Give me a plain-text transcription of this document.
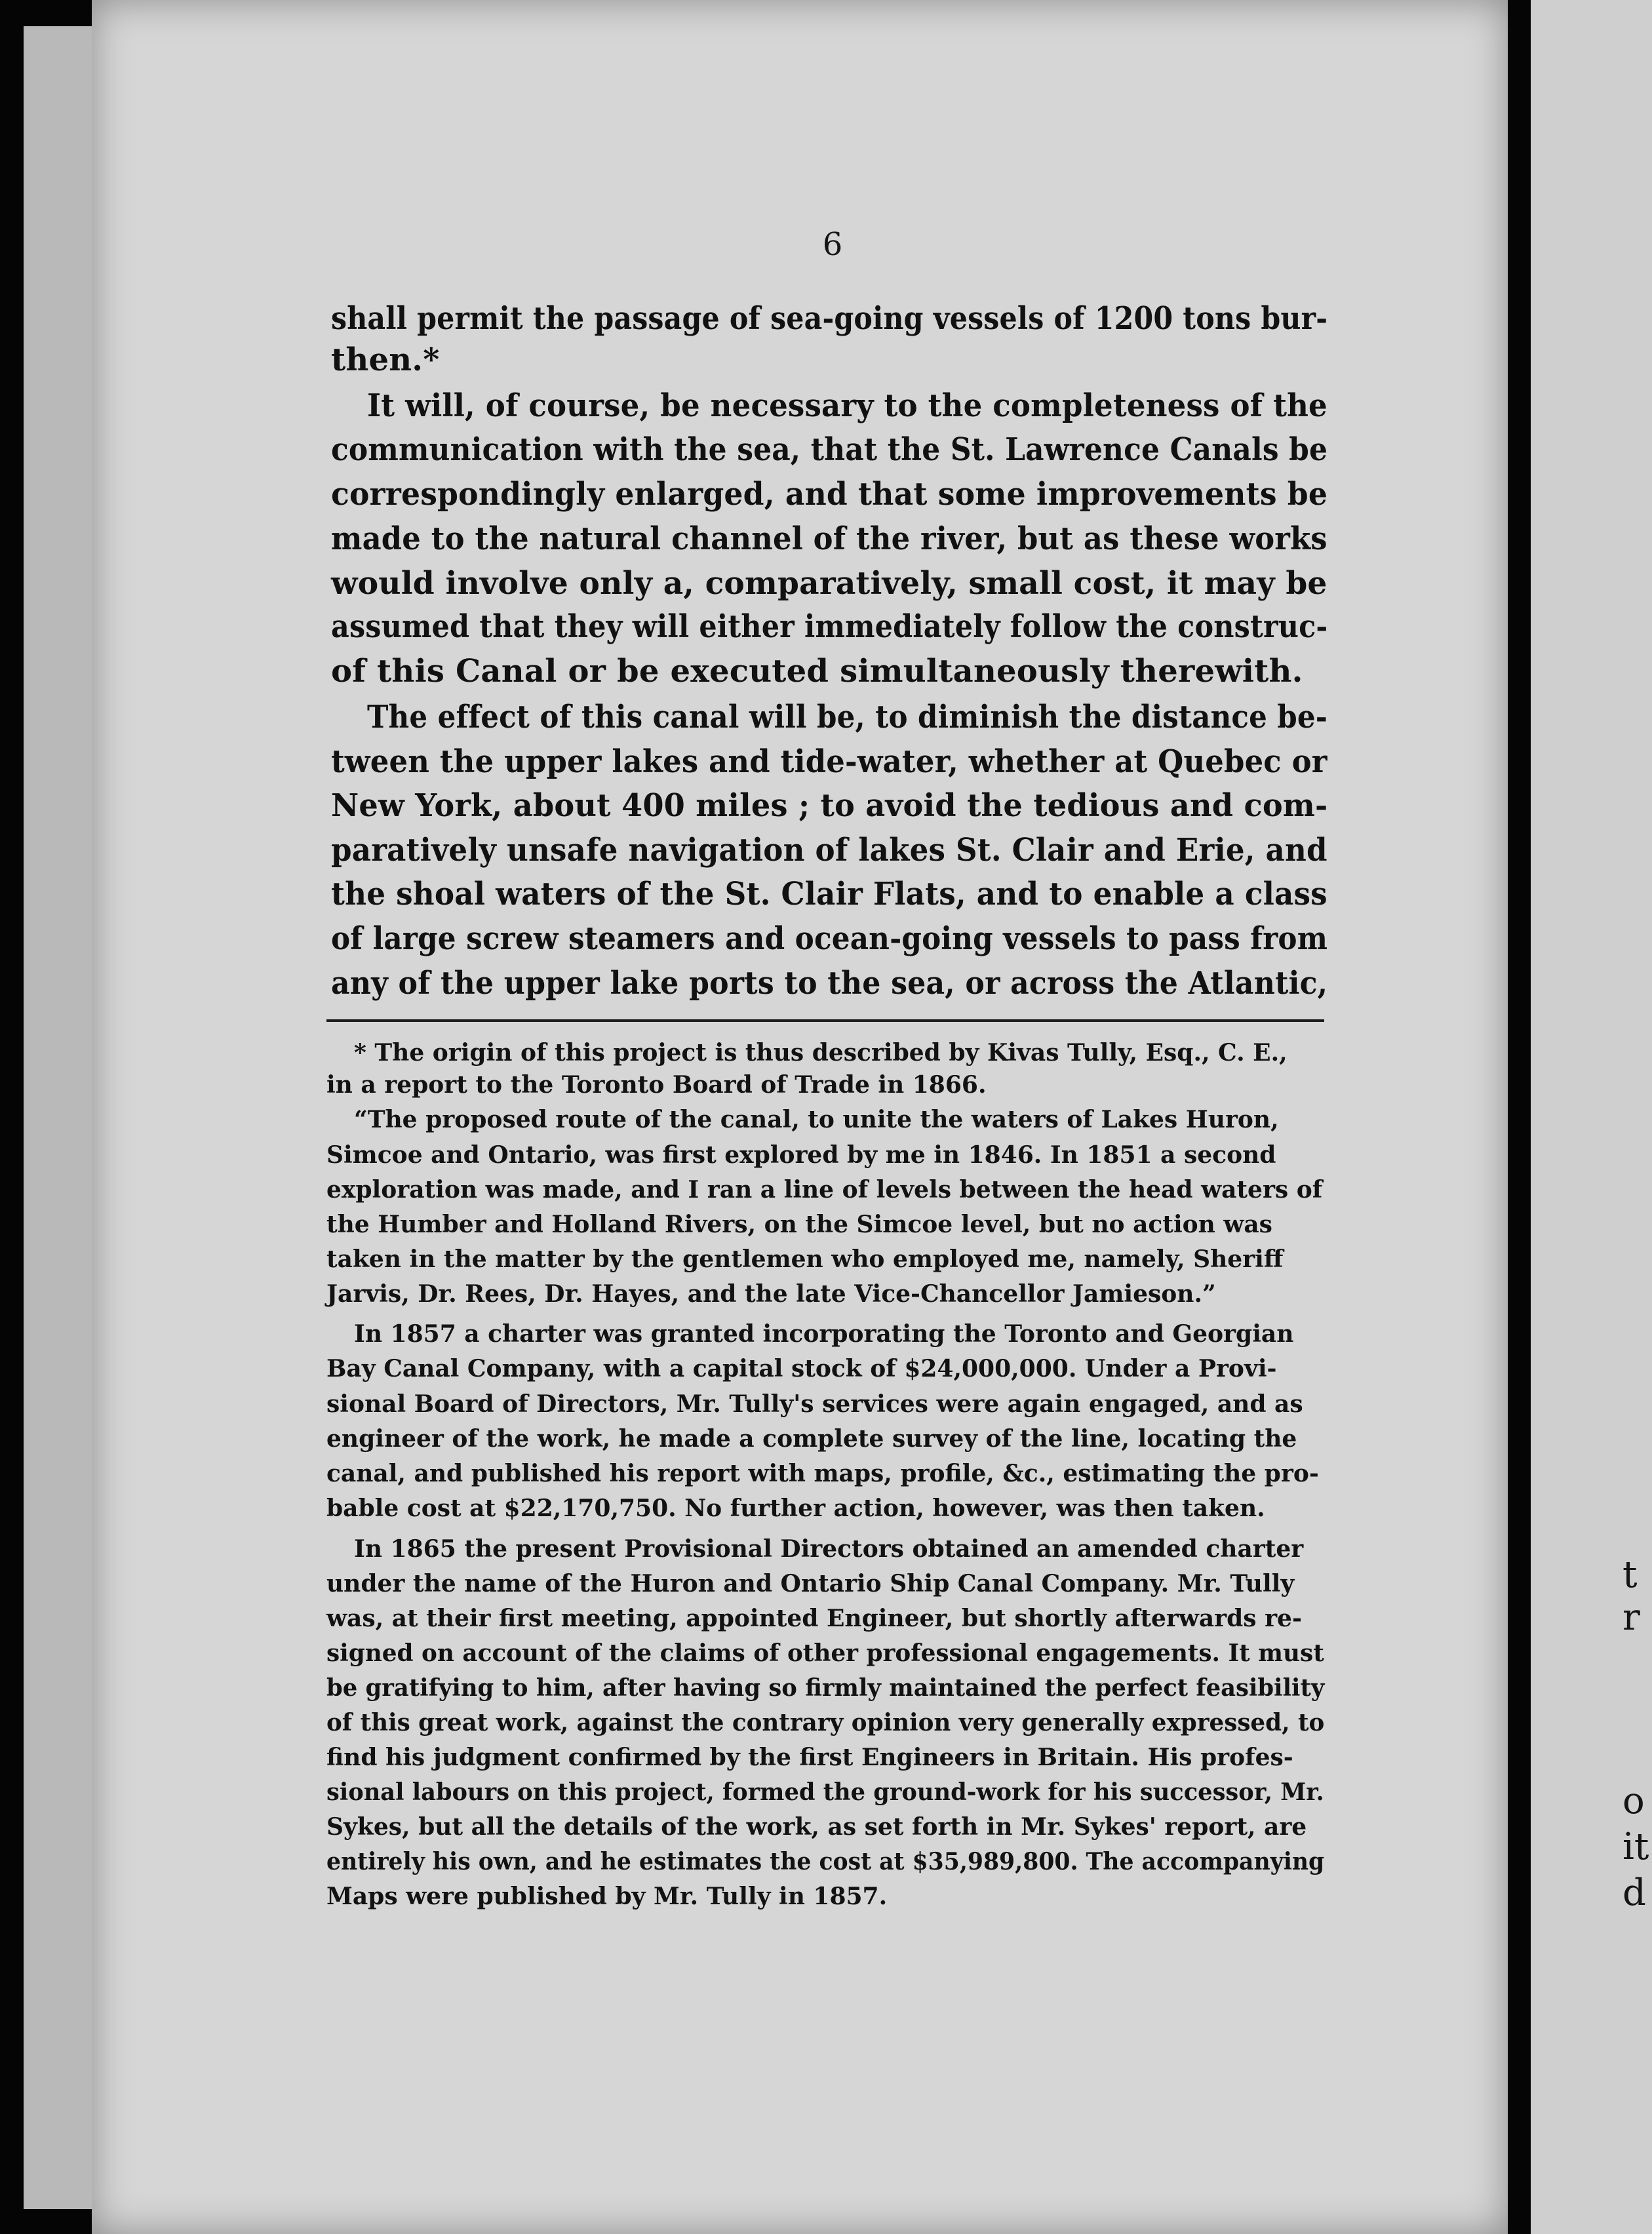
t
r
o
it
d
6
shall permit the passage of sea-going vessels of 1200 tons bur-
then.*
It will, of course, be necessary to the completeness of the
communication with the sea, that the St. Lawrence Canals be
correspondingly enlarged, and that some improvements be
made to the natural channel of the river, but as these works
would involve only a, comparatively, small cost, it may be
assumed that they will either immediately follow the construc-
of this Canal or be executed simultaneously therewith.
The effect of this canal will be, to diminish the distance be-
tween the upper lakes and tide-water, whether at Quebec or
New York, about 400 miles ; to avoid the tedious and com-
paratively unsafe navigation of lakes St. Clair and Erie, and
the shoal waters of the St. Clair Flats, and to enable a class
of large screw steamers and ocean-going vessels to pass from
any of the upper lake ports to the sea, or across the Atlantic,
* The origin of this project is thus described by Kivas Tully, Esq., C. E.,
in a report to the Toronto Board of Trade in 1866.
“The proposed route of the canal, to unite the waters of Lakes Huron,
Simcoe and Ontario, was first explored by me in 1846. In 1851 a second
exploration was made, and I ran a line of levels between the head waters of
the Humber and Holland Rivers, on the Simcoe level, but no action was
taken in the matter by the gentlemen who employed me, namely, Sheriff
Jarvis, Dr. Rees, Dr. Hayes, and the late Vice-Chancellor Jamieson.”
In 1857 a charter was granted incorporating the Toronto and Georgian
Bay Canal Company, with a capital stock of $24,000,000. Under a Provi-
sional Board of Directors, Mr. Tully's services were again engaged, and as
engineer of the work, he made a complete survey of the line, locating the
canal, and published his report with maps, profile, &c., estimating the pro-
bable cost at $22,170,750. No further action, however, was then taken.
In 1865 the present Provisional Directors obtained an amended charter
under the name of the Huron and Ontario Ship Canal Company. Mr. Tully
was, at their first meeting, appointed Engineer, but shortly afterwards re-
signed on account of the claims of other professional engagements. It must
be gratifying to him, after having so firmly maintained the perfect feasibility
of this great work, against the contrary opinion very generally expressed, to
find his judgment confirmed by the first Engineers in Britain. His profes-
sional labours on this project, formed the ground-work for his successor, Mr.
Sykes, but all the details of the work, as set forth in Mr. Sykes' report, are
entirely his own, and he estimates the cost at $35,989,800. The accompanying
Maps were published by Mr. Tully in 1857.
